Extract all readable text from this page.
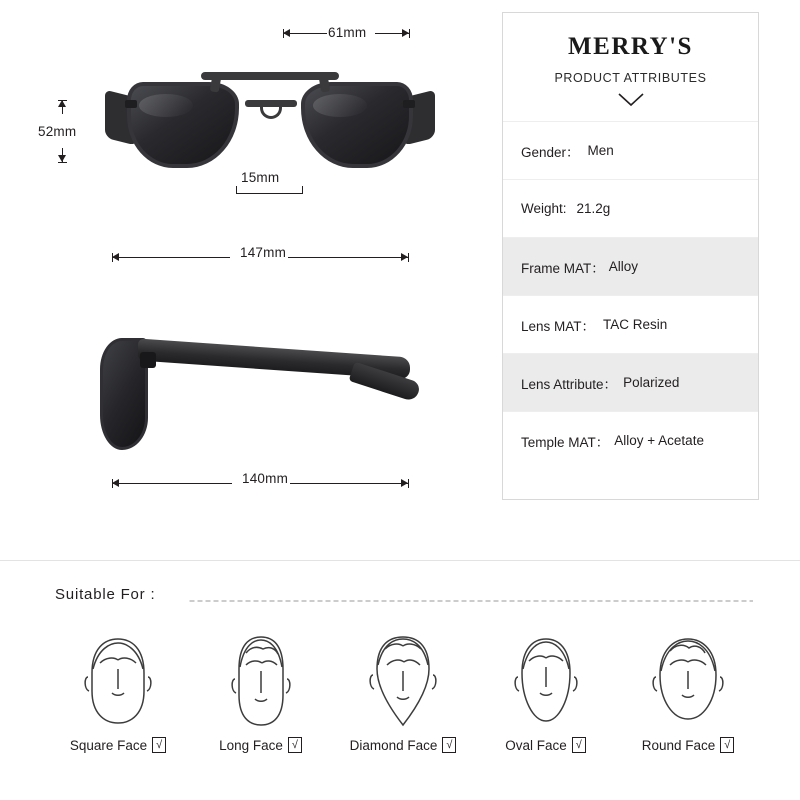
61mm
52mm
15mm
147mm
140mm
MERRY'S
PRODUCT ATTRIBUTES
Gender： Men
Weight: 21.2g
Frame MAT： Alloy
Lens MAT： TAC Resin
Lens Attribute： Polarized
Temple MAT： Alloy + Acetate
Suitable For :
Square Face √	Long Face √	Diamond Face √	Oval Face √	Round Face √
